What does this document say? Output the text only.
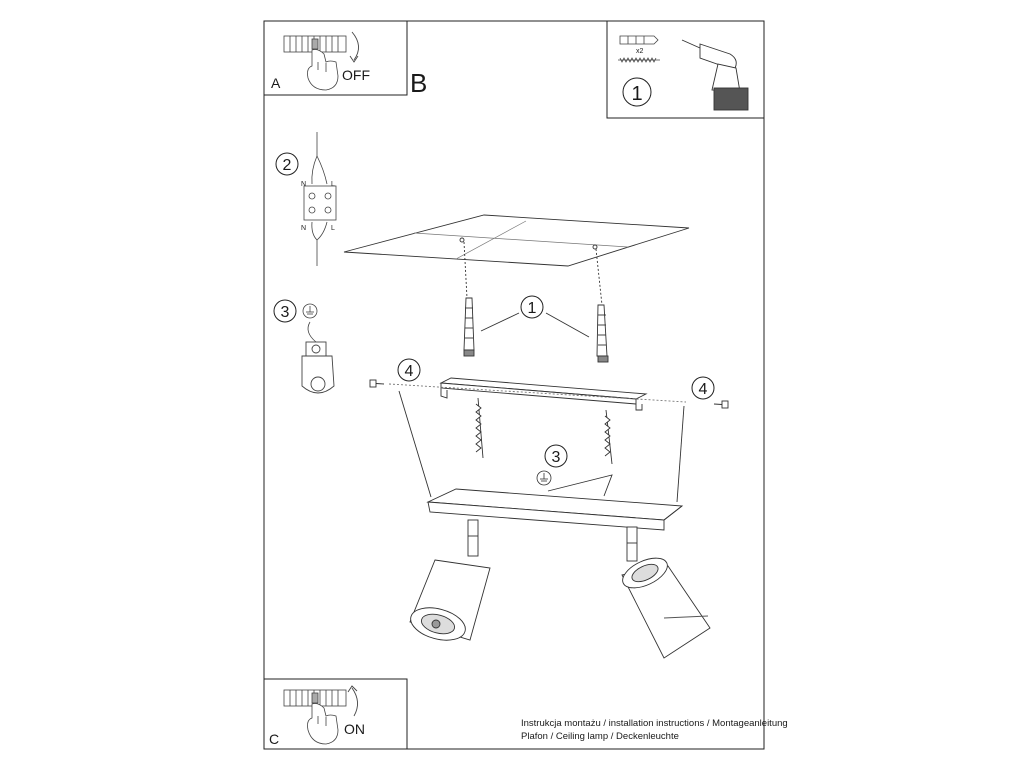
A	OFF B
x2
1
2
N	L
N	L
3	1
4
4
3
C
ON	Instrukcja montażu / installation instructions / Montageanleitung
Plafon / Ceiling lamp / Deckenleuchte
